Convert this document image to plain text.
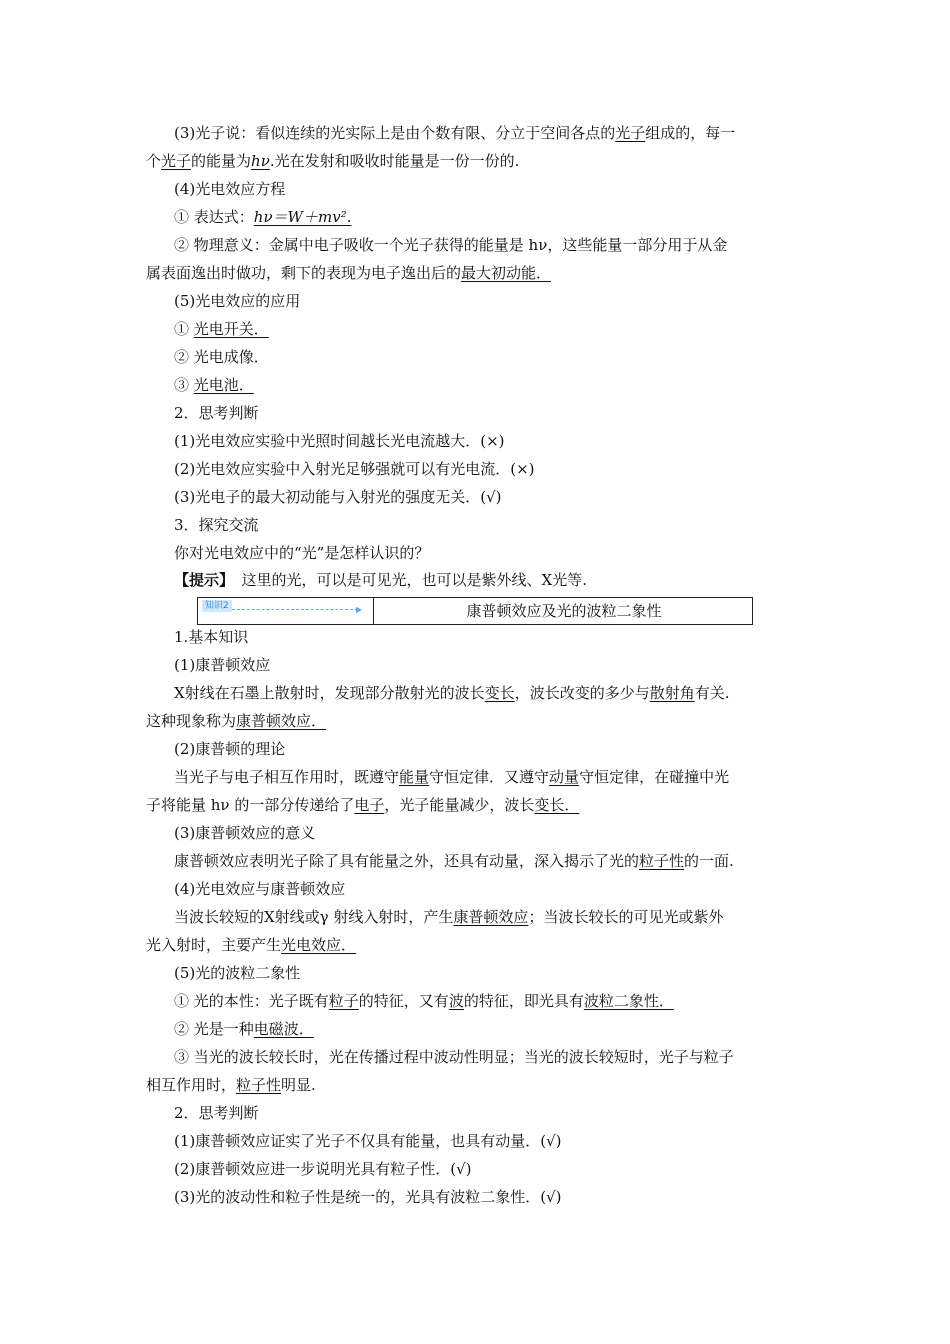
(3)光子说：看似连续的光实际上是由个数有限、分立于空间各点的光子组成的，每一
个光子的能量为hν.光在发射和吸收时能量是一份一份的.
(4)光电效应方程
① 表达式：hν＝W＋mv².
② 物理意义：金属中电子吸收一个光子获得的能量是 hν，这些能量一部分用于从金
属表面逸出时做功，剩下的表现为电子逸出后的最大初动能．
(5)光电效应的应用
① 光电开关．
② 光电成像．
③ 光电池．
2．思考判断
(1)光电效应实验中光照时间越长光电流越大．(×)
(2)光电效应实验中入射光足够强就可以有光电流．(×)
(3)光电子的最大初动能与入射光的强度无关．(√)
3．探究交流
你对光电效应中的“光”是怎样认识的？
【提示】　这里的光，可以是可见光，也可以是紫外线、X光等.
知识2	▶	康普顿效应及光的波粒二象性
1.基本知识
(1)康普顿效应
X射线在石墨上散射时，发现部分散射光的波长变长，波长改变的多少与散射角有关.
这种现象称为康普顿效应．
(2)康普顿的理论
当光子与电子相互作用时，既遵守能量守恒定律．又遵守动量守恒定律，在碰撞中光
子将能量 hν 的一部分传递给了电子，光子能量减少，波长变长．
(3)康普顿效应的意义
康普顿效应表明光子除了具有能量之外，还具有动量，深入揭示了光的粒子性的一面.
(4)光电效应与康普顿效应
当波长较短的X射线或γ 射线入射时，产生康普顿效应；当波长较长的可见光或紫外
光入射时，主要产生光电效应．
(5)光的波粒二象性
① 光的本性：光子既有粒子的特征，又有波的特征，即光具有波粒二象性．
② 光是一种电磁波．
③ 当光的波长较长时，光在传播过程中波动性明显；当光的波长较短时，光子与粒子
相互作用时，粒子性明显.
2．思考判断
(1)康普顿效应证实了光子不仅具有能量，也具有动量．(√)
(2)康普顿效应进一步说明光具有粒子性．(√)
(3)光的波动性和粒子性是统一的，光具有波粒二象性．(√)
